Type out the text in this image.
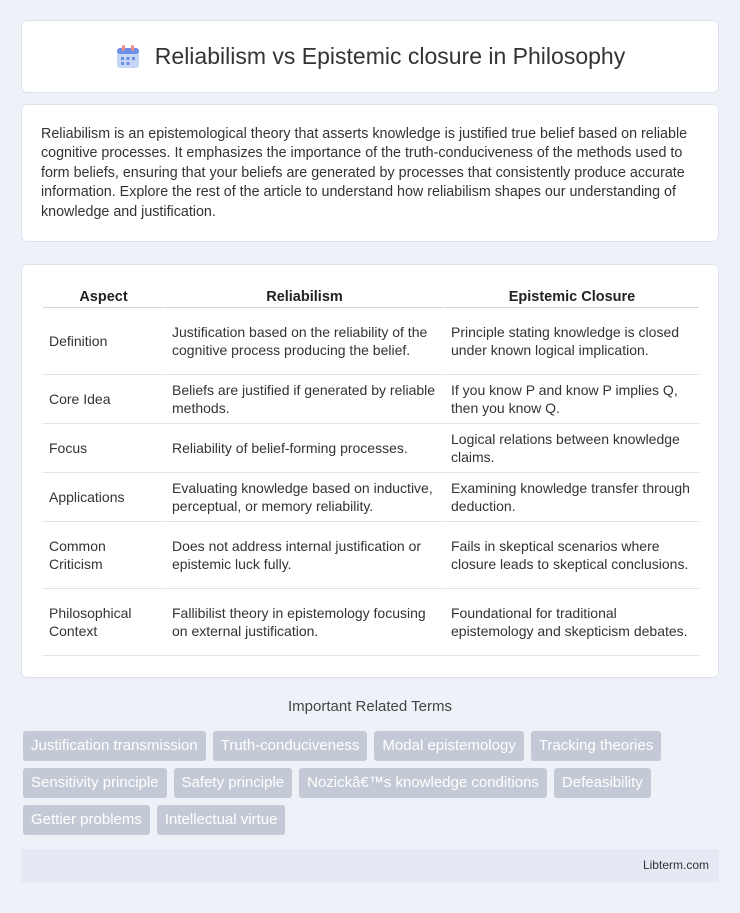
Reliabilism vs Epistemic closure in Philosophy

Reliabilism is an epistemological theory that asserts knowledge is justified true belief based on reliable cognitive processes. It emphasizes the importance of the truth-conduciveness of the methods used to form beliefs, ensuring that your beliefs are generated by processes that consistently produce accurate information. Explore the rest of the article to understand how reliabilism shapes our understanding of knowledge and justification.

Aspect	Reliabilism	Epistemic Closure
Definition	Justification based on the reliability of the cognitive process producing the belief.	Principle stating knowledge is closed under known logical implication.
Core Idea	Beliefs are justified if generated by reliable methods.	If you know P and know P implies Q, then you know Q.
Focus	Reliability of belief-forming processes.	Logical relations between knowledge claims.
Applications	Evaluating knowledge based on inductive, perceptual, or memory reliability.	Examining knowledge transfer through deduction.
Common Criticism	Does not address internal justification or epistemic luck fully.	Fails in skeptical scenarios where closure leads to skeptical conclusions.
Philosophical Context	Fallibilist theory in epistemology focusing on external justification.	Foundational for traditional epistemology and skepticism debates.
Important Related Terms
Justification transmission	Truth-conduciveness	Modal epistemology	Tracking theories
Sensitivity principle	Safety principle	Nozickâ€™s knowledge conditions	Defeasibility
Gettier problems	Intellectual virtue
Libterm.com
